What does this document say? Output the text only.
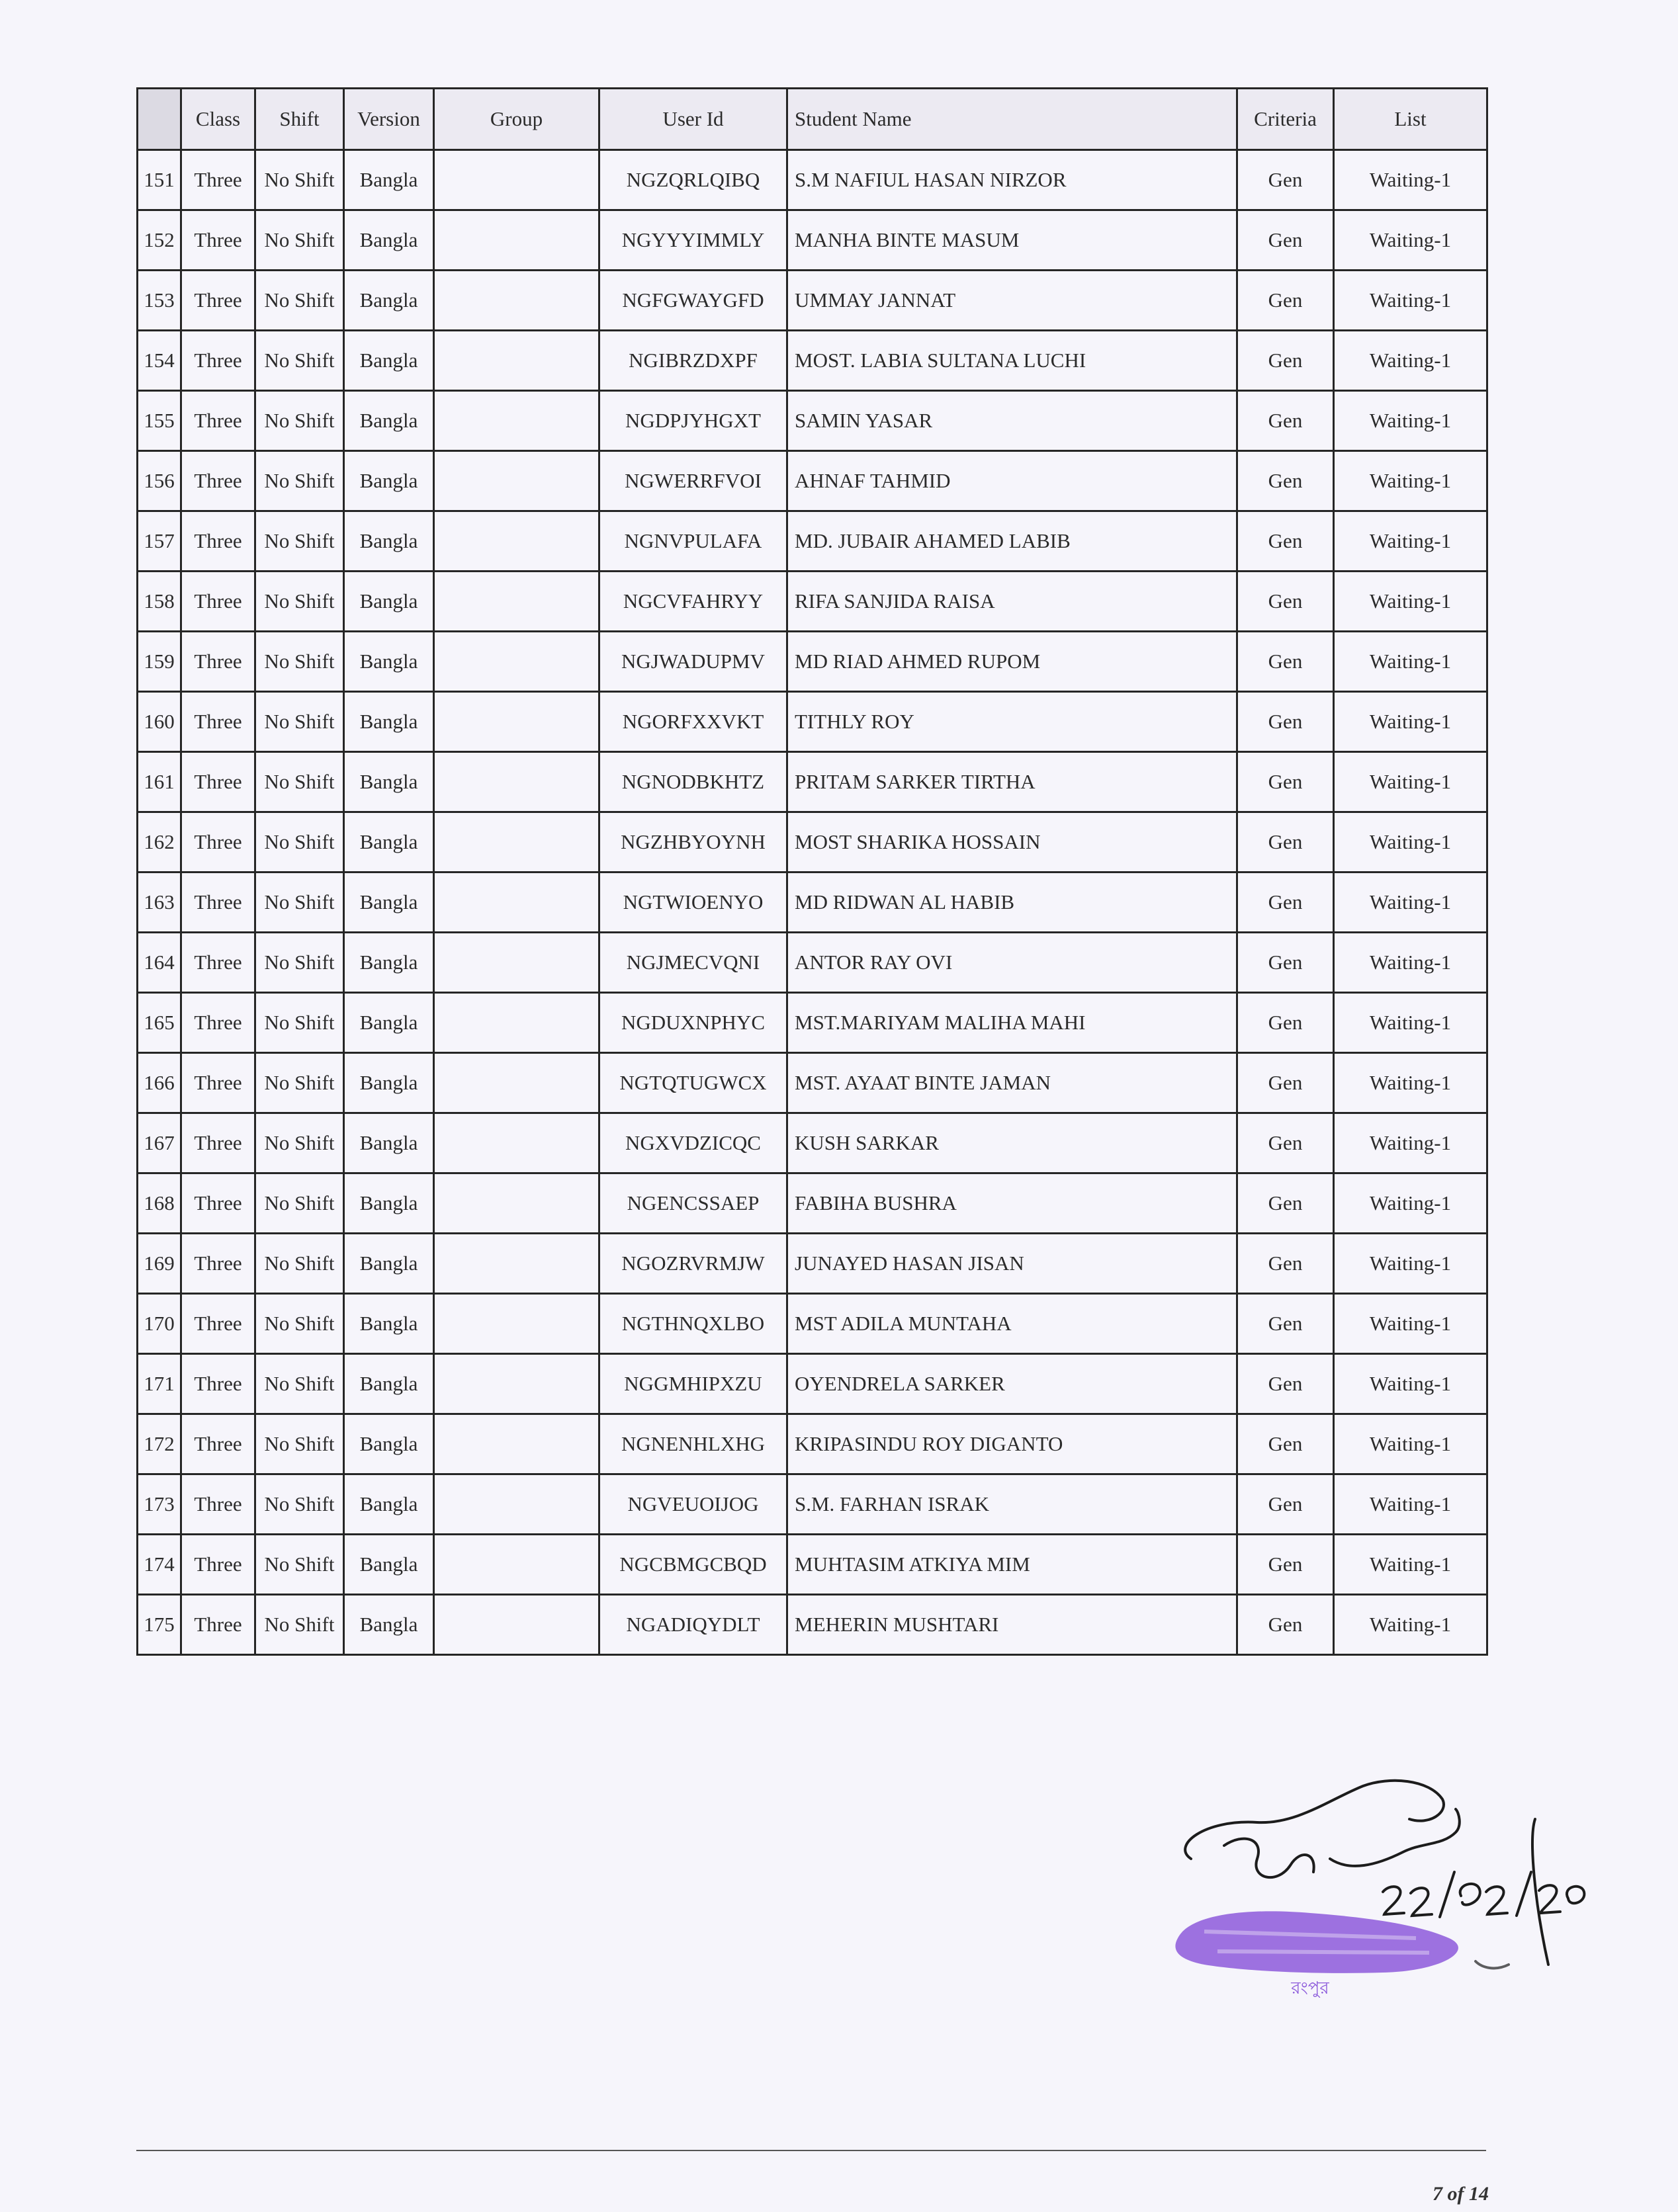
	Class	Shift	Version	Group	User Id	Student Name	Criteria	List
151	Three	No Shift	Bangla		NGZQRLQIBQ	S.M NAFIUL HASAN NIRZOR	Gen	Waiting-1
152	Three	No Shift	Bangla		NGYYYIMMLY	MANHA BINTE MASUM	Gen	Waiting-1
153	Three	No Shift	Bangla		NGFGWAYGFD	UMMAY JANNAT	Gen	Waiting-1
154	Three	No Shift	Bangla		NGIBRZDXPF	MOST. LABIA SULTANA LUCHI	Gen	Waiting-1
155	Three	No Shift	Bangla		NGDPJYHGXT	SAMIN YASAR	Gen	Waiting-1
156	Three	No Shift	Bangla		NGWERRFVOI	AHNAF TAHMID	Gen	Waiting-1
157	Three	No Shift	Bangla		NGNVPULAFA	MD. JUBAIR AHAMED LABIB	Gen	Waiting-1
158	Three	No Shift	Bangla		NGCVFAHRYY	RIFA SANJIDA RAISA	Gen	Waiting-1
159	Three	No Shift	Bangla		NGJWADUPMV	MD RIAD AHMED RUPOM	Gen	Waiting-1
160	Three	No Shift	Bangla		NGORFXXVKT	TITHLY ROY	Gen	Waiting-1
161	Three	No Shift	Bangla		NGNODBKHTZ	PRITAM SARKER TIRTHA	Gen	Waiting-1
162	Three	No Shift	Bangla		NGZHBYOYNH	MOST SHARIKA HOSSAIN	Gen	Waiting-1
163	Three	No Shift	Bangla		NGTWIOENYO	MD RIDWAN AL HABIB	Gen	Waiting-1
164	Three	No Shift	Bangla		NGJMECVQNI	ANTOR RAY OVI	Gen	Waiting-1
165	Three	No Shift	Bangla		NGDUXNPHYC	MST.MARIYAM MALIHA MAHI	Gen	Waiting-1
166	Three	No Shift	Bangla		NGTQTUGWCX	MST. AYAAT BINTE JAMAN	Gen	Waiting-1
167	Three	No Shift	Bangla		NGXVDZICQC	KUSH SARKAR	Gen	Waiting-1
168	Three	No Shift	Bangla		NGENCSSAEP	FABIHA BUSHRA	Gen	Waiting-1
169	Three	No Shift	Bangla		NGOZRVRMJW	JUNAYED HASAN JISAN	Gen	Waiting-1
170	Three	No Shift	Bangla		NGTHNQXLBO	MST ADILA MUNTAHA	Gen	Waiting-1
171	Three	No Shift	Bangla		NGGMHIPXZU	OYENDRELA SARKER	Gen	Waiting-1
172	Three	No Shift	Bangla		NGNENHLXHG	KRIPASINDU ROY DIGANTO	Gen	Waiting-1
173	Three	No Shift	Bangla		NGVEUOIJOG	S.M. FARHAN ISRAK	Gen	Waiting-1
174	Three	No Shift	Bangla		NGCBMGCBQD	MUHTASIM ATKIYA MIM	Gen	Waiting-1
175	Three	No Shift	Bangla		NGADIQYDLT	MEHERIN MUSHTARI	Gen	Waiting-1
রংপুর
7 of 14
